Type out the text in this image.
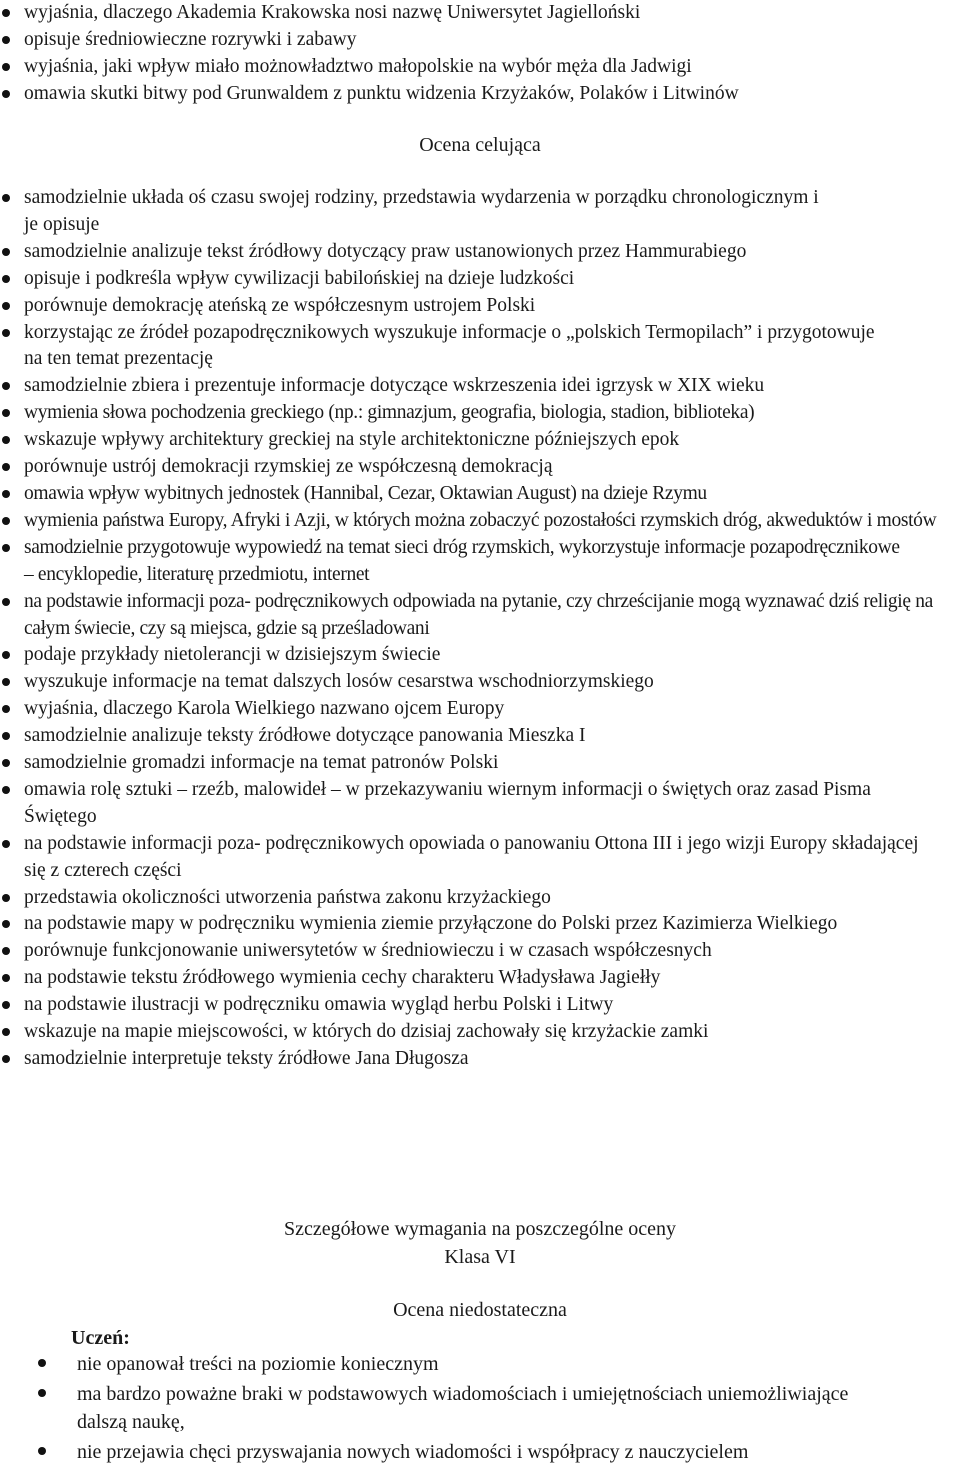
wyjaśnia, dlaczego Akademia Krakowska nosi nazwę Uniwersytet Jagielloński
opisuje średniowieczne rozrywki i zabawy
wyjaśnia, jaki wpływ miało możnowładztwo małopolskie na wybór męża dla Jadwigi
omawia skutki bitwy pod Grunwaldem z punktu widzenia Krzyżaków, Polaków i Litwinów
Ocena celująca
samodzielnie układa oś czasu swojej rodziny, przedstawia wydarzenia w porządku chronologicznym i je opisuje
samodzielnie analizuje tekst źródłowy dotyczący praw ustanowionych przez Hammurabiego
opisuje i podkreśla wpływ cywilizacji babilońskiej na dzieje ludzkości
porównuje demokrację ateńską ze współczesnym ustrojem Polski
korzystając ze źródeł pozapodręcznikowych wyszukuje informacje o „polskich Termopilach” i przygotowuje na ten temat prezentację
samodzielnie zbiera i prezentuje informacje dotyczące wskrzeszenia idei igrzysk w XIX wieku
wymienia słowa pochodzenia greckiego (np.: gimnazjum, geografia, biologia, stadion, biblioteka)
wskazuje wpływy architektury greckiej na style architektoniczne późniejszych epok
porównuje ustrój demokracji rzymskiej ze współczesną demokracją
omawia wpływ wybitnych jednostek (Hannibal, Cezar, Oktawian August) na dzieje Rzymu
wymienia państwa Europy, Afryki i Azji, w których można zobaczyć pozostałości rzymskich dróg, akweduktów i mostów
samodzielnie przygotowuje wypowiedź na temat sieci dróg rzymskich, wykorzystuje informacje pozapodręcznikowe – encyklopedie, literaturę przedmiotu, internet
na podstawie informacji poza- podręcznikowych odpowiada na pytanie, czy chrześcijanie mogą wyznawać dziś religię na całym świecie, czy są miejsca, gdzie są prześladowani
podaje przykłady nietolerancji w dzisiejszym świecie
wyszukuje informacje na temat dalszych losów cesarstwa wschodniorzymskiego
wyjaśnia, dlaczego Karola Wielkiego nazwano ojcem Europy
samodzielnie analizuje teksty źródłowe dotyczące panowania Mieszka I
samodzielnie gromadzi informacje na temat patronów Polski
omawia rolę sztuki – rzeźb, malowideł – w przekazywaniu wiernym informacji o świętych oraz zasad Pisma Świętego
na podstawie informacji poza- podręcznikowych opowiada o panowaniu Ottona III i jego wizji Europy składającej się z czterech części
przedstawia okoliczności utworzenia państwa zakonu krzyżackiego
na podstawie mapy w podręczniku wymienia ziemie przyłączone do Polski przez Kazimierza Wielkiego
porównuje funkcjonowanie uniwersytetów w średniowieczu i w czasach współczesnych
na podstawie tekstu źródłowego wymienia cechy charakteru Władysława Jagiełły
na podstawie ilustracji w podręczniku omawia wygląd herbu Polski i Litwy
wskazuje na mapie miejscowości, w których do dzisiaj zachowały się krzyżackie zamki
samodzielnie interpretuje teksty źródłowe Jana Długosza
Szczegółowe wymagania na poszczególne oceny
Klasa VI
Ocena niedostateczna
Uczeń:
nie opanował treści na poziomie koniecznym
ma bardzo poważne braki w podstawowych wiadomościach i umiejętnościach uniemożliwiające dalszą naukę,
nie przejawia chęci przyswajania nowych wiadomości i współpracy z nauczycielem
